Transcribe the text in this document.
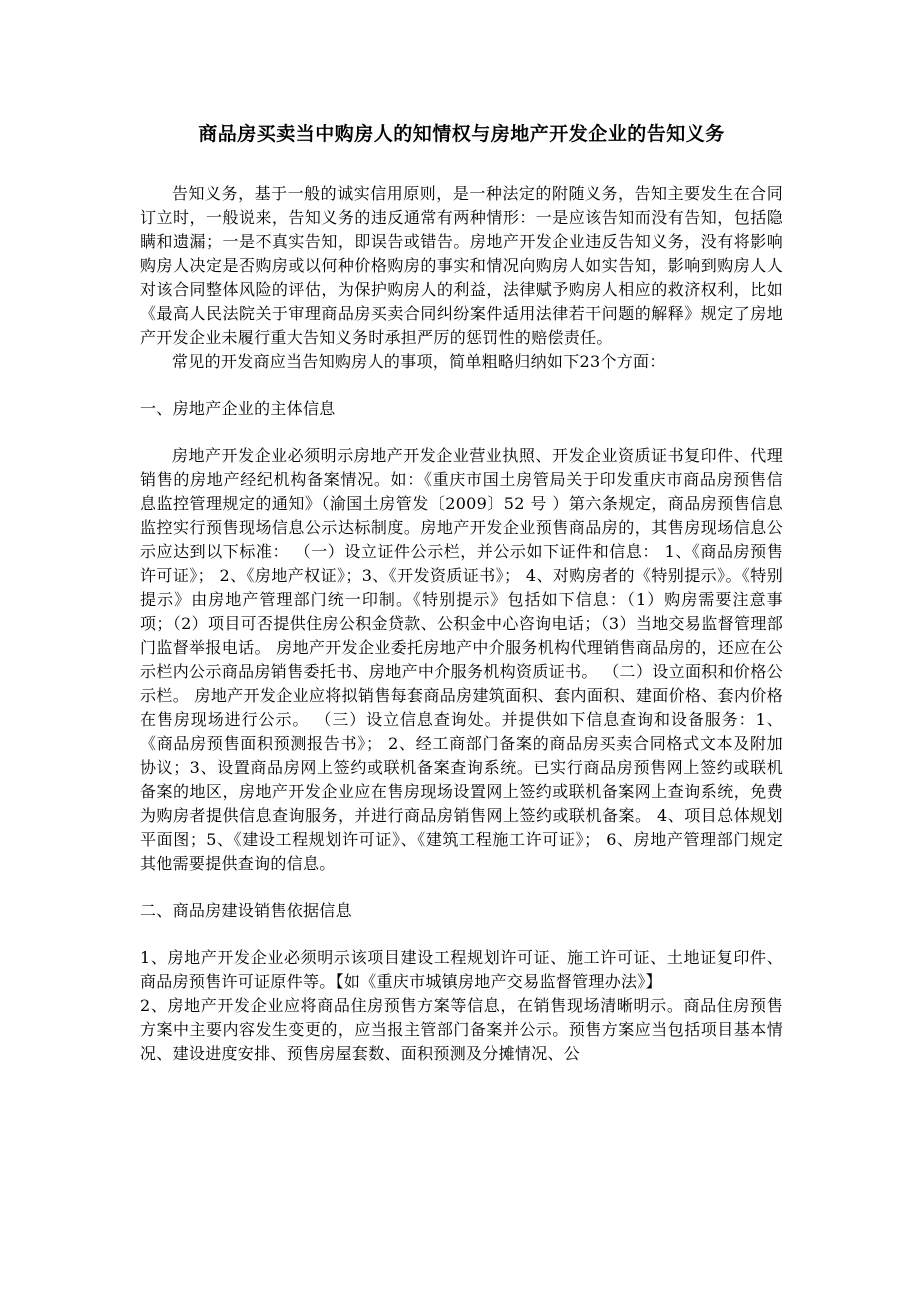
商品房买卖当中购房人的知情权与房地产开发企业的告知义务

告知义务，基于一般的诚实信用原则，是一种法定的附随义务，告知主要发生在合同订立时，一般说来，告知义务的违反通常有两种情形：一是应该告知而没有告知，包括隐瞒和遗漏；一是不真实告知，即误告或错告。房地产开发企业违反告知义务，没有将影响购房人决定是否购房或以何种价格购房的事实和情况向购房人如实告知，影响到购房人人对该合同整体风险的评估，为保护购房人的利益，法律赋予购房人相应的救济权利，比如《最高人民法院关于审理商品房买卖合同纠纷案件适用法律若干问题的解释》规定了房地产开发企业未履行重大告知义务时承担严厉的惩罚性的赔偿责任。

常见的开发商应当告知购房人的事项，简单粗略归纳如下23个方面：

一、房地产企业的主体信息

房地产开发企业必须明示房地产开发企业营业执照、开发企业资质证书复印件、代理销售的房地产经纪机构备案情况。如：《重庆市国土房管局关于印发重庆市商品房预售信息监控管理规定的通知》（渝国土房管发〔2009〕52 号 ）第六条规定，商品房预售信息监控实行预售现场信息公示达标制度。房地产开发企业预售商品房的，其售房现场信息公示应达到以下标准： （一）设立证件公示栏，并公示如下证件和信息： 1、《商品房预售许可证》； 2、《房地产权证》；3、《开发资质证书》； 4、对购房者的《特别提示》。《特别提示》由房地产管理部门统一印制。《特别提示》包括如下信息：（1）购房需要注意事项；（2）项目可否提供住房公积金贷款、公积金中心咨询电话；（3）当地交易监督管理部门监督举报电话。 房地产开发企业委托房地产中介服务机构代理销售商品房的，还应在公示栏内公示商品房销售委托书、房地产中介服务机构资质证书。 （二）设立面积和价格公示栏。 房地产开发企业应将拟销售每套商品房建筑面积、套内面积、建面价格、套内价格在售房现场进行公示。 （三）设立信息查询处。并提供如下信息查询和设备服务：1、《商品房预售面积预测报告书》； 2、经工商部门备案的商品房买卖合同格式文本及附加协议；3、设置商品房网上签约或联机备案查询系统。已实行商品房预售网上签约或联机备案的地区，房地产开发企业应在售房现场设置网上签约或联机备案网上查询系统，免费为购房者提供信息查询服务，并进行商品房销售网上签约或联机备案。 4、项目总体规划平面图；5、《建设工程规划许可证》、《建筑工程施工许可证》； 6、房地产管理部门规定其他需要提供查询的信息。

二、商品房建设销售依据信息

1、房地产开发企业必须明示该项目建设工程规划许可证、施工许可证、土地证复印件、商品房预售许可证原件等。【如《重庆市城镇房地产交易监督管理办法》】

2、房地产开发企业应将商品住房预售方案等信息，在销售现场清晰明示。商品住房预售方案中主要内容发生变更的，应当报主管部门备案并公示。预售方案应当包括项目基本情况、建设进度安排、预售房屋套数、面积预测及分摊情况、公
